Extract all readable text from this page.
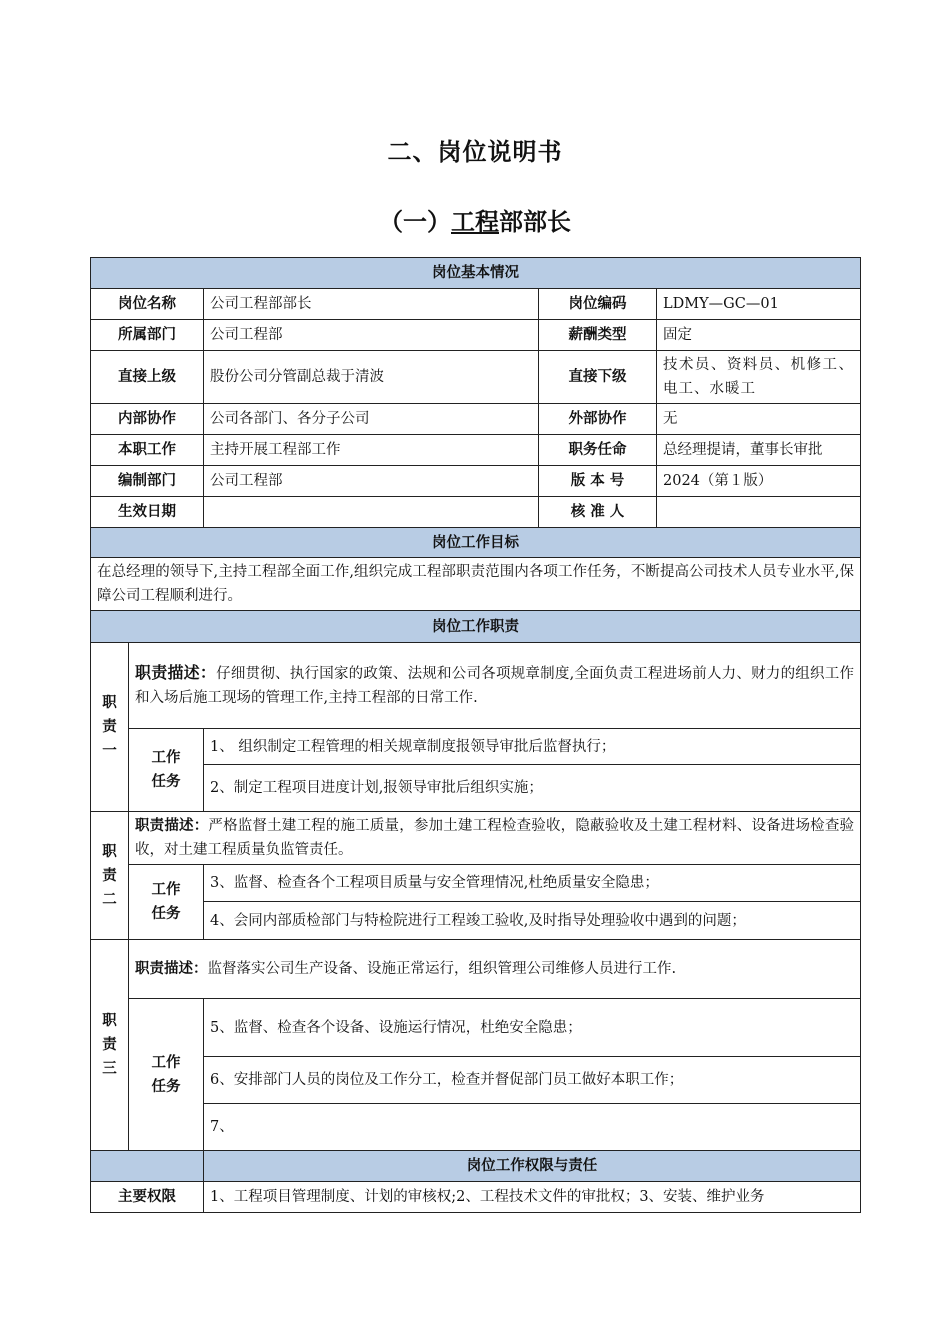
二、岗位说明书
（一）工程部部长
岗位基本情况				
岗位名称		公司工程部部长	岗位编码	LDMY—GC—01
所属部门		公司工程部	薪酬类型	固定
直接上级		股份公司分管副总裁于清波	直接下级	技术员、资料员、机修工、电工、水暖工
内部协作		公司各部门、各分子公司	外部协作	无
本职工作		主持开展工程部工作	职务任命	总经理提请，董事长审批
编制部门		公司工程部	版 本 号	2024（第１版）
生效日期			核 准 人	
岗位工作目标				
在总经理的领导下,主持工程部全面工作,组织完成工程部职责范围内各项工作任务，不断提高公司技术人员专业水平,保障公司工程顺利进行。				
岗位工作职责				

职
责
一	职责描述：仔细贯彻、执行国家的政策、法规和公司各项规章制度,全面负责工程进场前人力、财力的组织工作和入场后施工现场的管理工作,主持工程部的日常工作.			

	工作
任务	1、 组织制定工程管理的相关规章制度报领导审批后监督执行；		
		2、制定工程项目进度计划,报领导审批后组织实施；		

职
责
二	职责描述：严格监督土建工程的施工质量，参加土建工程检查验收，隐蔽验收及土建工程材料、设备进场检查验收，对土建工程质量负监管责任。			

	工作
任务	3、监督、检查各个工程项目质量与安全管理情况,杜绝质量安全隐患；		
		4、会同内部质检部门与特检院进行工程竣工验收,及时指导处理验收中遇到的问题；		

职
责
三	职责描述：监督落实公司生产设备、设施正常运行，组织管理公司维修人员进行工作.			

	工作
任务	5、监督、检查各个设备、设施运行情况，杜绝安全隐患；		
		6、安排部门人员的岗位及工作分工，检查并督促部门员工做好本职工作；		
		7、		
		岗位工作权限与责任		
主要权限		1、工程项目管理制度、计划的审核权;2、工程技术文件的审批权；3、安装、维护业务		
